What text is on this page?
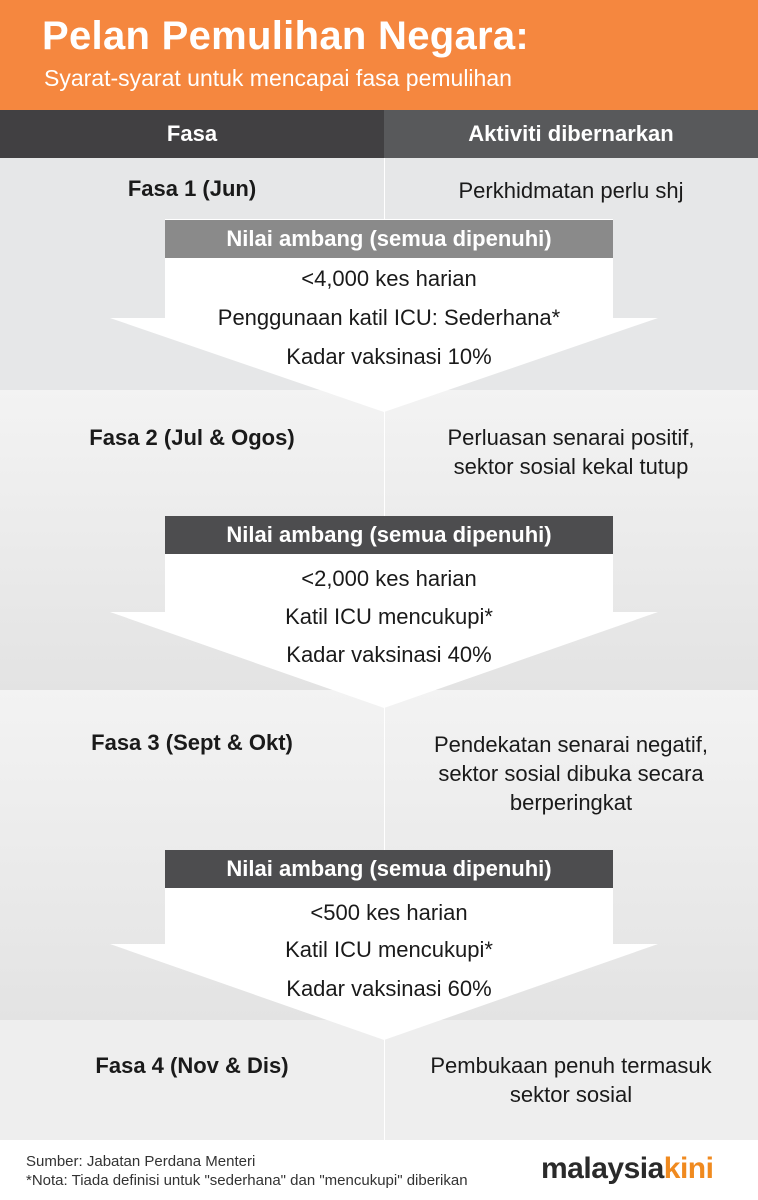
Pelan Pemulihan Negara:
Syarat-syarat untuk mencapai fasa pemulihan
Fasa	Aktiviti dibernarkan
Fasa 1 (Jun)	Perkhidmatan perlu shj
Nilai ambang (semua dipenuhi)
<4,000 kes harian
Penggunaan katil ICU: Sederhana*
Kadar vaksinasi 10%
Fasa 2 (Jul & Ogos)	Perluasan senarai positif,
sektor sosial kekal tutup
Nilai ambang (semua dipenuhi)
<2,000 kes harian
Katil ICU mencukupi*
Kadar vaksinasi 40%
Fasa 3 (Sept & Okt)	Pendekatan senarai negatif,
sektor sosial dibuka secara
berperingkat
Nilai ambang (semua dipenuhi)
<500 kes harian
Katil ICU mencukupi*
Kadar vaksinasi 60%
Fasa 4 (Nov & Dis)	Pembukaan penuh termasuk
sektor sosial
Sumber: Jabatan Perdana Menteri
*Nota: Tiada definisi untuk "sederhana" dan "mencukupi" diberikan malaysiakini
